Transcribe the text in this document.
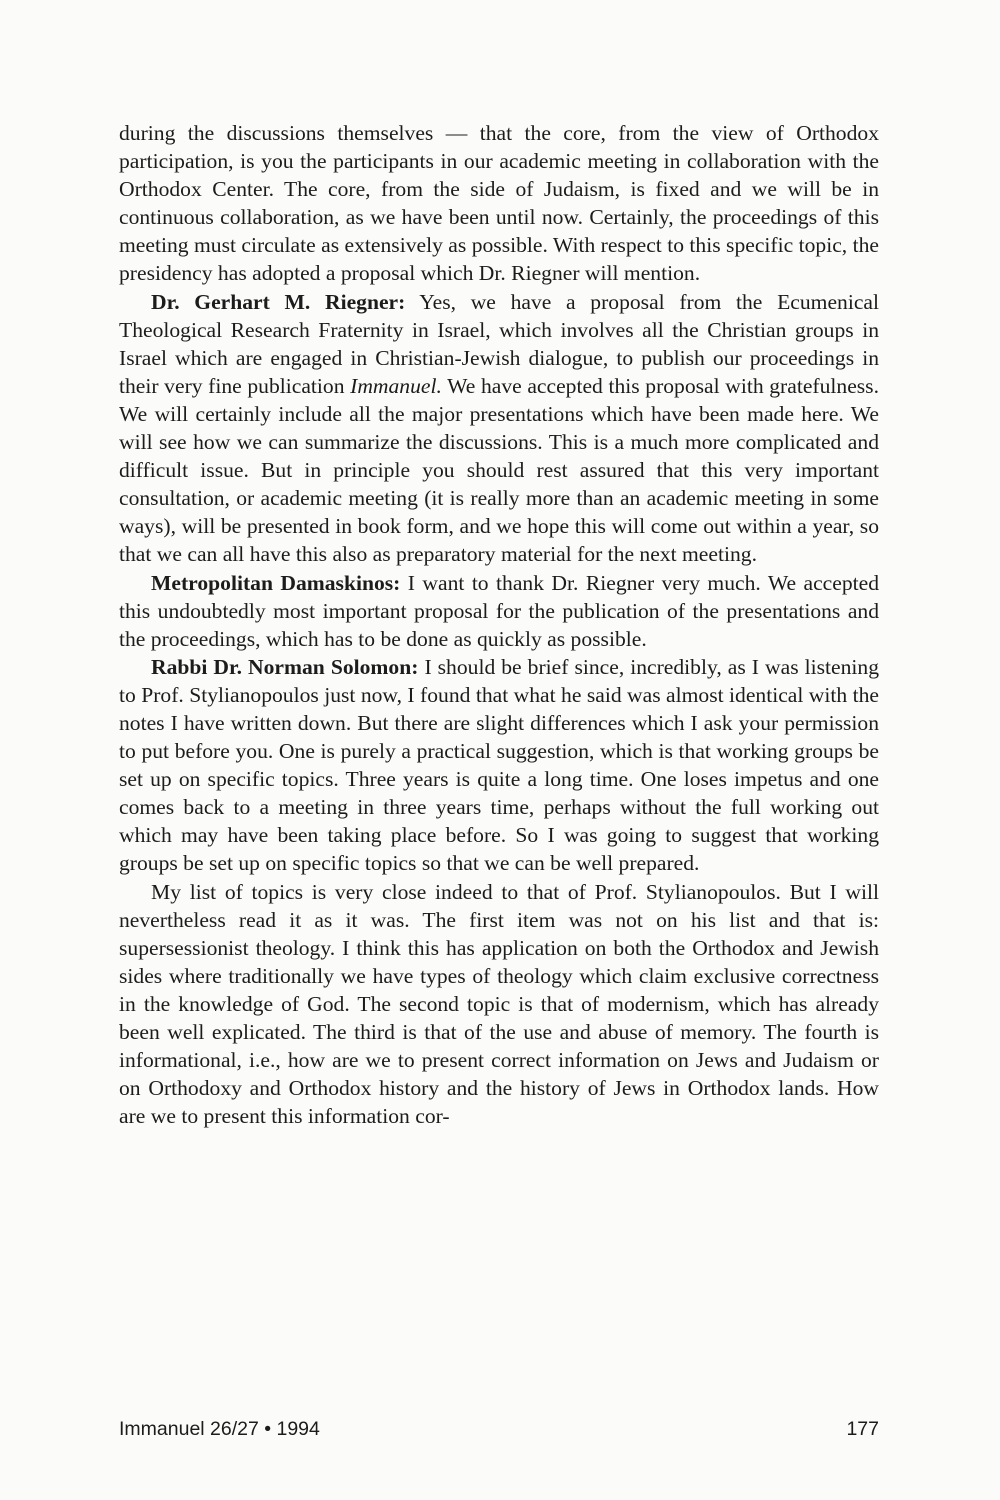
during the discussions themselves — that the core, from the view of Orthodox participation, is you the participants in our academic meeting in collaboration with the Orthodox Center. The core, from the side of Judaism, is fixed and we will be in continuous collaboration, as we have been until now. Certainly, the proceedings of this meeting must circulate as extensively as possible. With respect to this specific topic, the presidency has adopted a proposal which Dr. Riegner will mention.

Dr. Gerhart M. Riegner: Yes, we have a proposal from the Ecumenical Theological Research Fraternity in Israel, which involves all the Christian groups in Israel which are engaged in Christian-Jewish dialogue, to publish our proceedings in their very fine publication Immanuel. We have accepted this proposal with gratefulness. We will certainly include all the major presentations which have been made here. We will see how we can summarize the discussions. This is a much more complicated and difficult issue. But in principle you should rest assured that this very important consultation, or academic meeting (it is really more than an academic meeting in some ways), will be presented in book form, and we hope this will come out within a year, so that we can all have this also as preparatory material for the next meeting.

Metropolitan Damaskinos: I want to thank Dr. Riegner very much. We accepted this undoubtedly most important proposal for the publication of the presentations and the proceedings, which has to be done as quickly as possible.

Rabbi Dr. Norman Solomon: I should be brief since, incredibly, as I was listening to Prof. Stylianopoulos just now, I found that what he said was almost identical with the notes I have written down. But there are slight differences which I ask your permission to put before you. One is purely a practical suggestion, which is that working groups be set up on specific topics. Three years is quite a long time. One loses impetus and one comes back to a meeting in three years time, perhaps without the full working out which may have been taking place before. So I was going to suggest that working groups be set up on specific topics so that we can be well prepared.

My list of topics is very close indeed to that of Prof. Stylianopoulos. But I will nevertheless read it as it was. The first item was not on his list and that is: supersessionist theology. I think this has application on both the Orthodox and Jewish sides where traditionally we have types of theology which claim exclusive correctness in the knowledge of God. The second topic is that of modernism, which has already been well explicated. The third is that of the use and abuse of memory. The fourth is informational, i.e., how are we to present correct information on Jews and Judaism or on Orthodoxy and Orthodox history and the history of Jews in Orthodox lands. How are we to present this information cor-

Immanuel 26/27 • 1994	177
